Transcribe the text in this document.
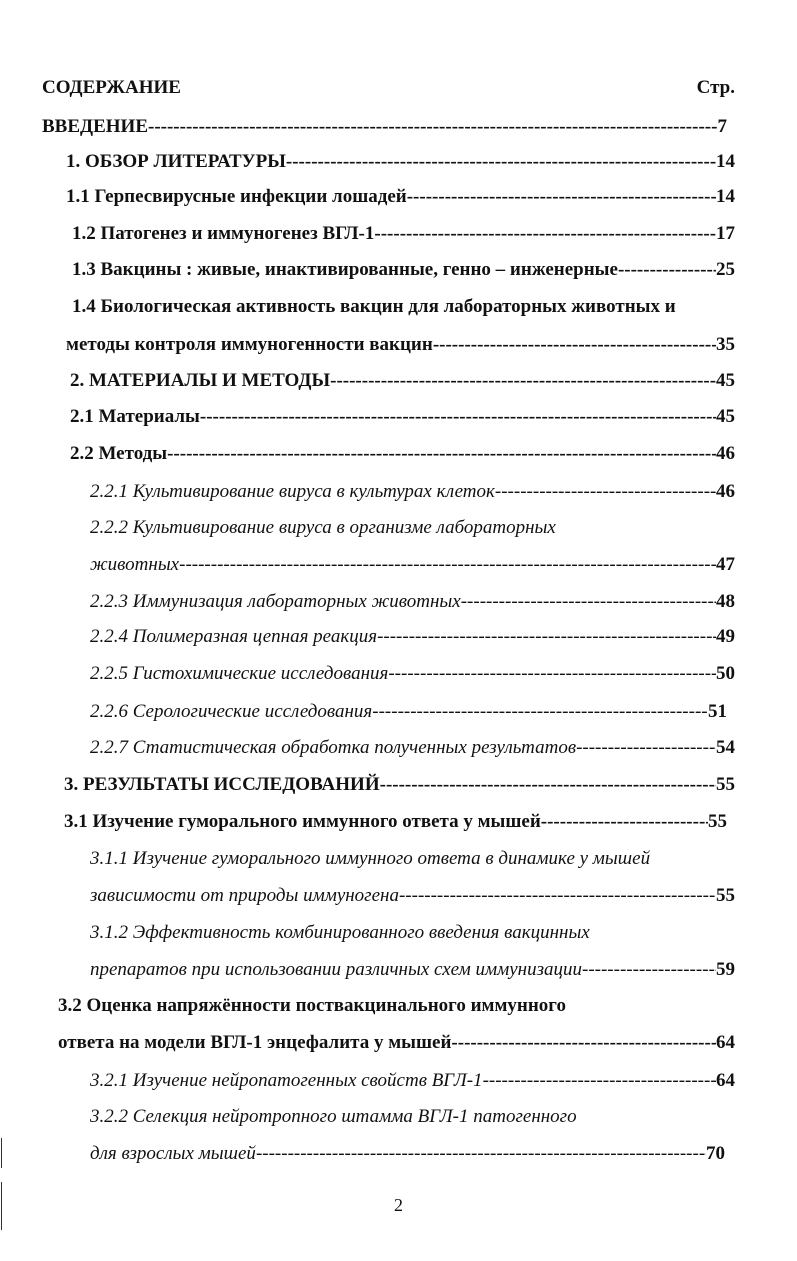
СОДЕРЖАНИЕ	Стр.
ВВЕДЕНИЕ -----	7
1. ОБЗОР ЛИТЕРАТУРЫ -----	14
1.1 Герпесвирусные инфекции лошадей -----	14
1.2 Патогенез и иммуногенез ВГЛ-1 -----	17
1.3 Вакцины : живые, инактивированные, генно – инженерные -----	25
1.4 Биологическая активность вакцин для лабораторных животных и
методы контроля иммуногенности вакцин -----	35
2. МАТЕРИАЛЫ И МЕТОДЫ -----	45
2.1 Материалы -----	45
2.2 Методы -----	46
2.2.1 Культивирование вируса в культурах клеток -----	46
2.2.2 Культивирование вируса в организме лабораторных
животных -----	47
2.2.3 Иммунизация лабораторных животных -----	48
2.2.4 Полимеразная цепная реакция -----	49
2.2.5 Гистохимические исследования -----	50
2.2.6 Серологические исследования -----	51
2.2.7 Статистическая обработка полученных результатов -----	54
3. РЕЗУЛЬТАТЫ ИССЛЕДОВАНИЙ -----	55
3.1 Изучение гуморального иммунного ответа у мышей -----	55
3.1.1 Изучение гуморального иммунного ответа в динамике у мышей
зависимости от природы иммуногена -----	55
3.1.2 Эффективность комбинированного введения вакцинных
препаратов при использовании различных схем иммунизации -----	59
3.2 Оценка напряжённости поствакцинального иммунного
ответа на модели ВГЛ-1 энцефалита у мышей -----	64
3.2.1 Изучение нейропатогенных свойств ВГЛ-1 -----	64
3.2.2 Селекция нейротропного штамма ВГЛ-1 патогенного
для взрослых мышей -----	70
2
